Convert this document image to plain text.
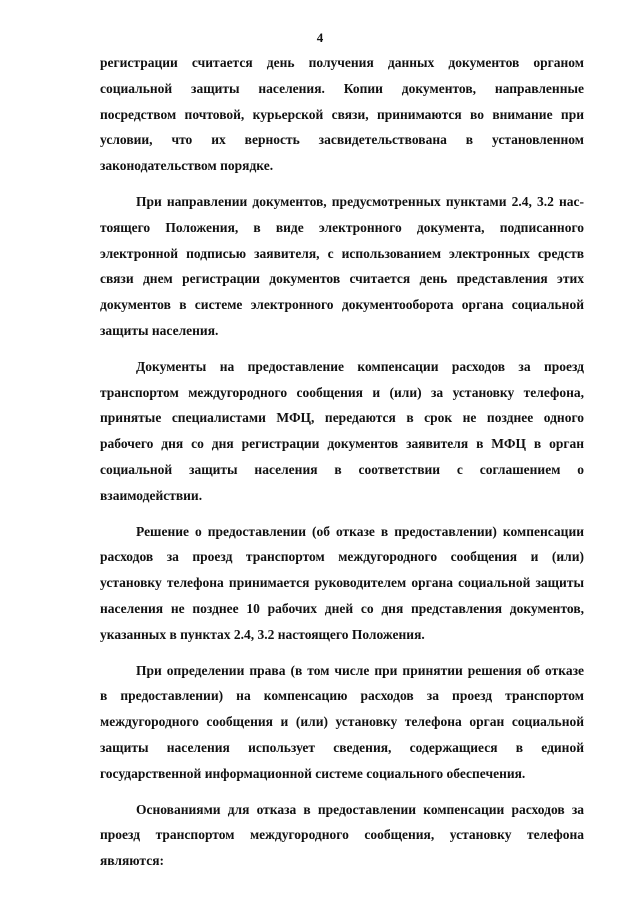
4

регистрации считается день получения данных документов органом
социальной защиты населения. Копии документов, направленные
посредством почтовой, курьерской связи, принимаются во внимание при
условии, что их верность засвидетельствована в установленном
законодательством порядке.

При направлении документов, предусмотренных пунктами 2.4, 3.2 нас-
тоящего Положения, в виде электронного документа, подписанного
электронной подписью заявителя, с использованием электронных средств
связи днем регистрации документов считается день представления этих
документов в системе электронного документооборота органа социальной
защиты населения.

Документы на предоставление компенсации расходов за проезд
транспортом междугородного сообщения и (или) за установку телефона,
принятые специалистами МФЦ, передаются в срок не позднее одного
рабочего дня со дня регистрации документов заявителя в МФЦ в орган
социальной защиты населения в соответствии с соглашением о
взаимодействии.

Решение о предоставлении (об отказе в предоставлении) компенсации
расходов за проезд транспортом междугородного сообщения и (или)
установку телефона принимается руководителем органа социальной защиты
населения не позднее 10 рабочих дней со дня представления документов,
указанных в пунктах 2.4, 3.2 настоящего Положения.

При определении права (в том числе при принятии решения об отказе
в предоставлении) на компенсацию расходов за проезд транспортом
междугородного сообщения и (или) установку телефона орган социальной
защиты населения использует сведения, содержащиеся в единой
государственной информационной системе социального обеспечения.

Основаниями для отказа в предоставлении компенсации расходов за
проезд транспортом междугородного сообщения, установку телефона
являются:
